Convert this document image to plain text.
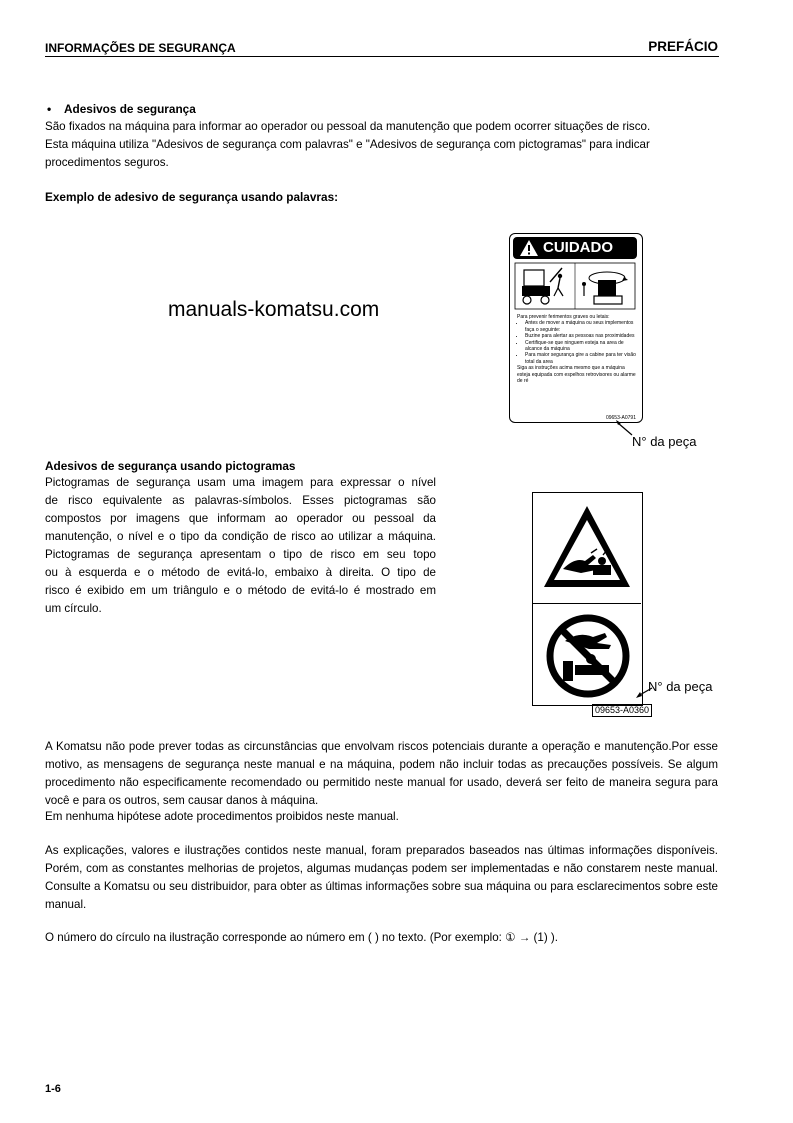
INFORMAÇÕES DE SEGURANÇA	PREFÁCIO
• Adesivos de segurança

São fixados na máquina para informar ao operador ou pessoal da manutenção que podem ocorrer situações de risco.

Esta máquina utiliza "Adesivos de segurança com palavras" e "Adesivos de segurança com pictogramas" para indicar

procedimentos seguros.

Exemplo de adesivo de segurança usando palavras:
manuals-komatsu.com
CUIDADO
Para prevenir ferimentos graves ou letais:
• Antes de mover a máquina ou seus implementos faça o seguinte:
• Buzine para alertar as pessoas nas proximidades
• Certifique-se que ninguem esteja na area de alcance da máquina
• Para maior segurança gire a cabine para ter visão total da area
Siga as instruções acima mesmo que a máquina esteja equipada com espelhos retrovisores ou alarme de ré
09653-A0791
N° da peça
Adesivos de segurança usando pictogramas

Pictogramas de segurança usam uma imagem para expressar o nível

de risco equivalente as palavras-símbolos. Esses pictogramas são

compostos por imagens que informam ao operador ou pessoal da

manutenção, o nível e o tipo da condição de risco ao utilizar a máquina.

Pictogramas de segurança apresentam o tipo de risco em seu topo

ou à esquerda e o método de evitá-lo, embaixo à direita. O tipo de

risco é exibido em um triângulo e o método de evitá-lo é mostrado em

um círculo.

N° da peça
09653-A0360

A Komatsu não pode prever todas as circunstâncias que envolvam riscos potenciais durante a operação e manutenção.Por esse motivo, as mensagens de segurança neste manual e na máquina, podem não incluir todas as precauções possíveis. Se algum procedimento não especificamente recomendado ou permitido neste manual for usado, deverá ser feito de maneira segura para você e para os outros, sem causar danos à máquina.

Em nenhuma hipótese adote procedimentos proibidos neste manual.

As explicações, valores e ilustrações contidos neste manual, foram preparados baseados nas últimas informações disponíveis. Porém, com as constantes melhorias de projetos, algumas mudanças podem ser implementadas e não constarem neste manual. Consulte a Komatsu ou seu distribuidor, para obter as últimas informações sobre sua máquina ou para esclarecimentos sobre este manual.

O número do círculo na ilustração corresponde ao número em ( ) no texto. (Por exemplo: ① → (1) ).

1-6
